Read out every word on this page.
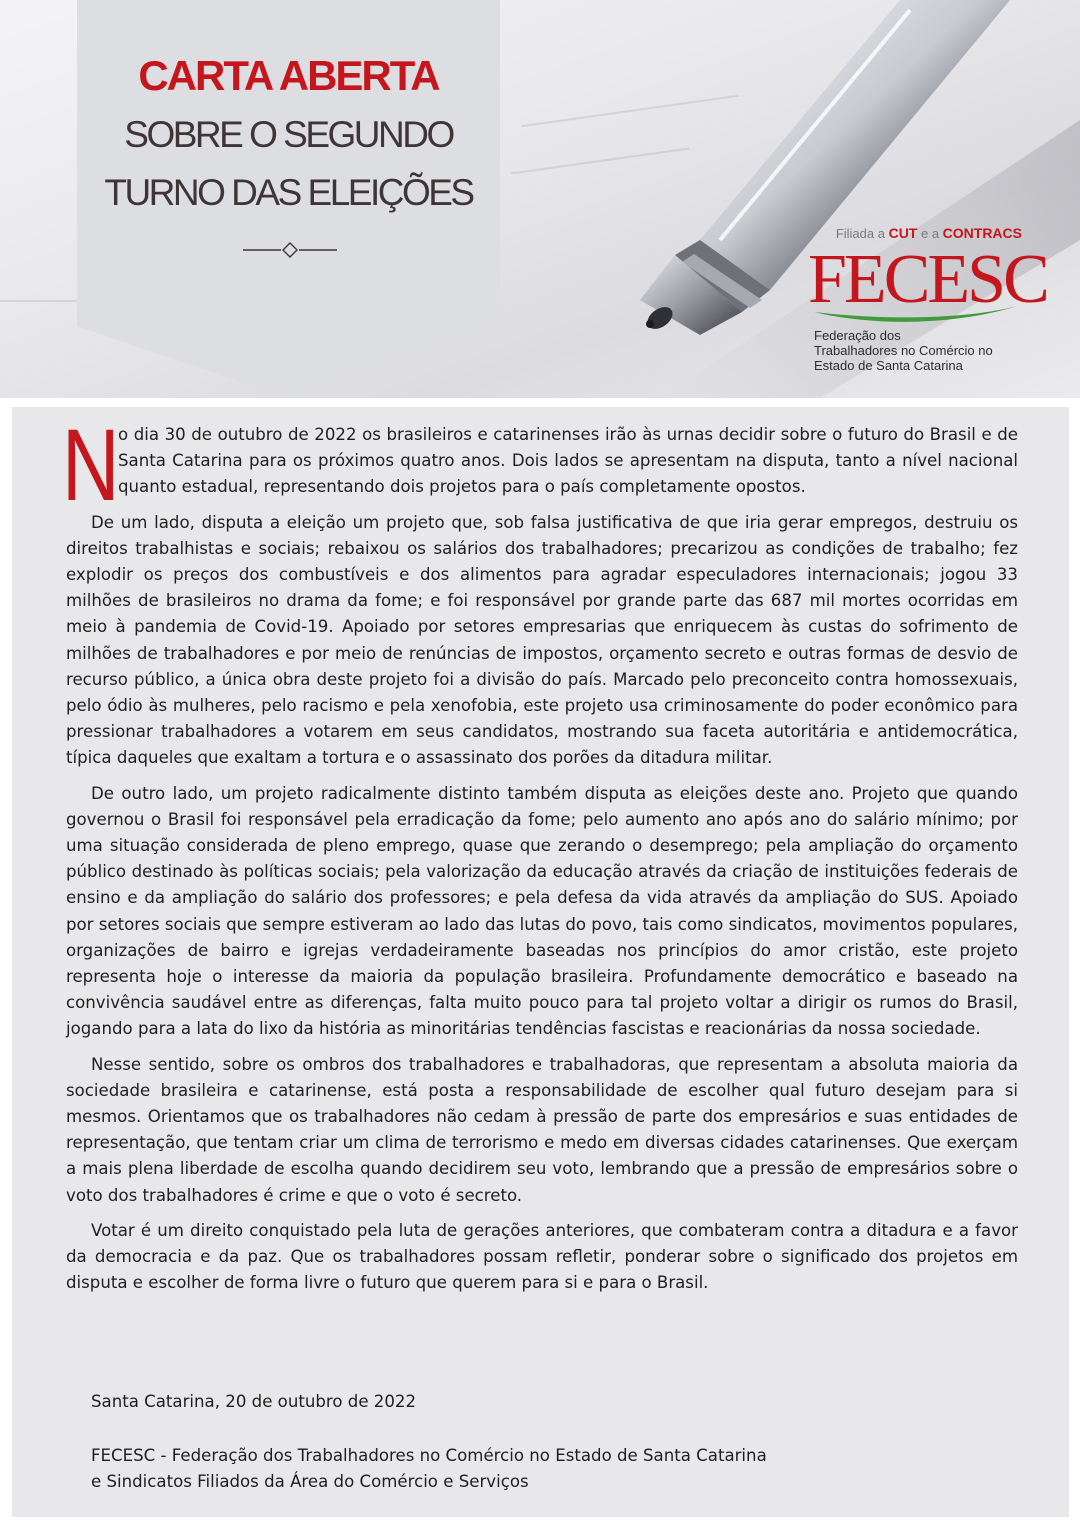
CARTA ABERTA
SOBRE O SEGUNDO
TURNO DAS ELEIÇÕES
Filiada a CUT e a CONTRACS
FECESC
Federação dos
Trabalhadores no Comércio no
Estado de Santa Catarina

N
o dia 30 de outubro de 2022 os brasileiros e catarinenses irão às urnas decidir sobre o futuro do Brasil e de Santa Catarina para os próximos quatro anos. Dois lados se apresentam na disputa, tanto a nível nacional quanto estadual, representando dois projetos para o país completamente opostos.

De um lado, disputa a eleição um projeto que, sob falsa justificativa de que iria gerar empregos, destruiu os direitos trabalhistas e sociais; rebaixou os salários dos trabalhadores; precarizou as condições de trabalho; fez explodir os preços dos combustíveis e dos alimentos para agradar especuladores internacionais; jogou 33 milhões de brasileiros no drama da fome; e foi responsável por grande parte das 687 mil mortes ocorridas em meio à pandemia de Covid-19. Apoiado por setores empresarias que enriquecem às custas do sofrimento de milhões de trabalhadores e por meio de renúncias de impostos, orçamento secreto e outras formas de desvio de recurso público, a única obra deste projeto foi a divisão do país. Marcado pelo preconceito contra homossexuais, pelo ódio às mulheres, pelo racismo e pela xenofobia, este projeto usa criminosamente do poder econômico para pressionar trabalhadores a votarem em seus candidatos, mostrando sua faceta autoritária e antidemocrática, típica daqueles que exaltam a tortura e o assassinato dos porões da ditadura militar.

De outro lado, um projeto radicalmente distinto também disputa as eleições deste ano. Projeto que quando governou o Brasil foi responsável pela erradicação da fome; pelo aumento ano após ano do salário mínimo; por uma situação considerada de pleno emprego, quase que zerando o desemprego; pela ampliação do orçamento público destinado às políticas sociais; pela valorização da educação através da criação de instituições federais de ensino e da ampliação do salário dos professores; e pela defesa da vida através da ampliação do SUS. Apoiado por setores sociais que sempre estiveram ao lado das lutas do povo, tais como sindicatos, movimentos populares, organizações de bairro e igrejas verdadeiramente baseadas nos princípios do amor cristão, este projeto representa hoje o interesse da maioria da população brasileira. Profundamente democrático e baseado na convivência saudável entre as diferenças, falta muito pouco para tal projeto voltar a dirigir os rumos do Brasil, jogando para a lata do lixo da história as minoritárias tendências fascistas e reacionárias da nossa sociedade.

Nesse sentido, sobre os ombros dos trabalhadores e trabalhadoras, que representam a absoluta maioria da sociedade brasileira e catarinense, está posta a responsabilidade de escolher qual futuro desejam para si mesmos. Orientamos que os trabalhadores não cedam à pressão de parte dos empresários e suas entidades de representação, que tentam criar um clima de terrorismo e medo em diversas cidades catarinenses. Que exerçam a mais plena liberdade de escolha quando decidirem seu voto, lembrando que a pressão de empresários sobre o voto dos trabalhadores é crime e que o voto é secreto.

Votar é um direito conquistado pela luta de gerações anteriores, que combateram contra a ditadura e a favor da democracia e da paz. Que os trabalhadores possam refletir, ponderar sobre o significado dos projetos em disputa e escolher de forma livre o futuro que querem para si e para o Brasil.

Santa Catarina, 20 de outubro de 2022
FECESC - Federação dos Trabalhadores no Comércio no Estado de Santa Catarina
e Sindicatos Filiados da Área do Comércio e Serviços
